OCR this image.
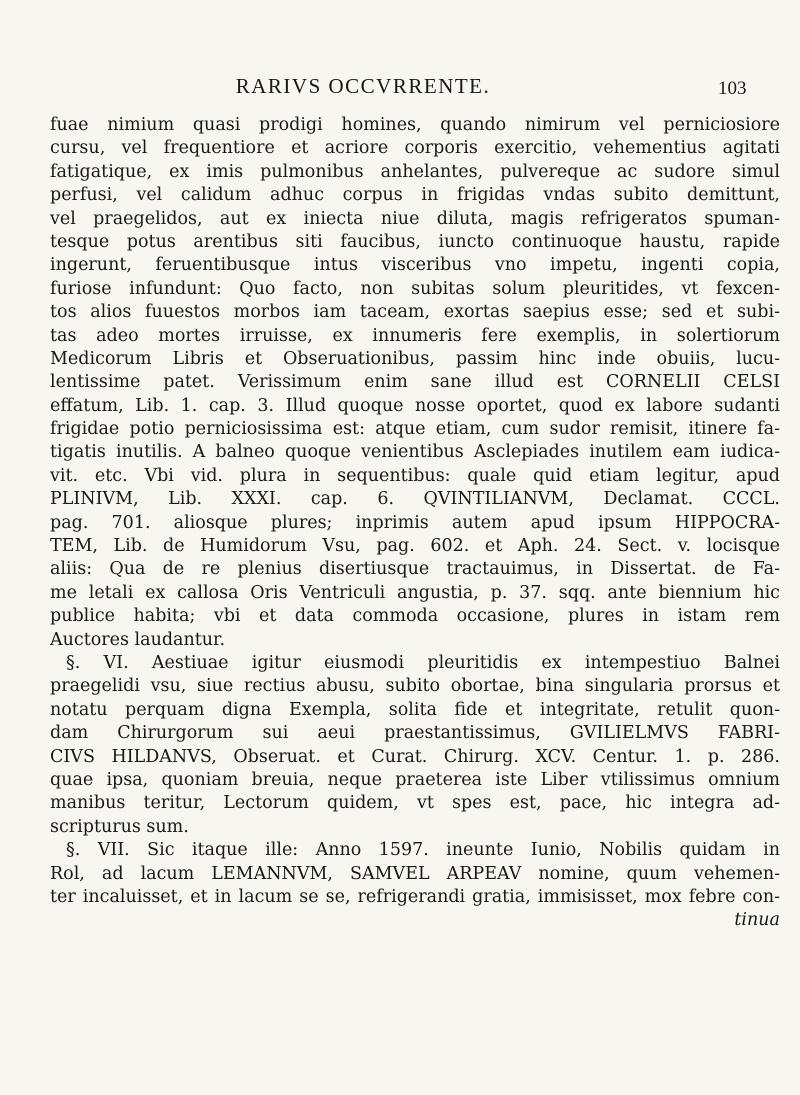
RARIVS OCCVRRENTE.	103
fuae nimium quasi prodigi homines, quando nimirum vel perniciosiore
cursu, vel frequentiore et acriore corporis exercitio, vehementius agitati
fatigatique, ex imis pulmonibus anhelantes, pulvereque ac sudore simul
perfusi, vel calidum adhuc corpus in frigidas vndas subito demittunt,
vel praegelidos, aut ex iniecta niue diluta, magis refrigeratos spuman-
tesque potus arentibus siti faucibus, iuncto continuoque haustu, rapide
ingerunt, feruentibusque intus visceribus vno impetu, ingenti copia,
furiose infundunt: Quo facto, non subitas solum pleuritides, vt fexcen-
tos alios fuuestos morbos iam taceam, exortas saepius esse; sed et subi-
tas adeo mortes irruisse, ex innumeris fere exemplis, in solertiorum
Medicorum Libris et Obseruationibus, passim hinc inde obuiis, lucu-
lentissime patet. Verissimum enim sane illud est CORNELII CELSI
effatum, Lib. 1. cap. 3. Illud quoque nosse oportet, quod ex labore sudanti
frigidae potio perniciosissima est: atque etiam, cum sudor remisit, itinere fa-
tigatis inutilis. A balneo quoque venientibus Asclepiades inutilem eam iudica-
vit. etc. Vbi vid. plura in sequentibus: quale quid etiam legitur, apud
PLINIVM, Lib. XXXI. cap. 6. QVINTILIANVM, Declamat. CCCL.
pag. 701. aliosque plures; inprimis autem apud ipsum HIPPOCRA-
TEM, Lib. de Humidorum Vsu, pag. 602. et Aph. 24. Sect. v. locisque
aliis: Qua de re plenius disertiusque tractauimus, in Dissertat. de Fa-
me letali ex callosa Oris Ventriculi angustia, p. 37. sqq. ante biennium hic
publice habita; vbi et data commoda occasione, plures in istam rem
Auctores laudantur.
§. VI. Aestiuae igitur eiusmodi pleuritidis ex intempestiuo Balnei
praegelidi vsu, siue rectius abusu, subito obortae, bina singularia prorsus et
notatu perquam digna Exempla, solita fide et integritate, retulit quon-
dam Chirurgorum sui aeui praestantissimus, GVILIELMVS FABRI-
CIVS HILDANVS, Obseruat. et Curat. Chirurg. XCV. Centur. 1. p. 286.
quae ipsa, quoniam breuia, neque praeterea iste Liber vtilissimus omnium
manibus teritur, Lectorum quidem, vt spes est, pace, hic integra ad-
scripturus sum.
§. VII. Sic itaque ille: Anno 1597. ineunte Iunio, Nobilis quidam in
Rol, ad lacum LEMANNVM, SAMVEL ARPEAV nomine, quum vehemen-
ter incaluisset, et in lacum se se, refrigerandi gratia, immisisset, mox febre con-
tinua
